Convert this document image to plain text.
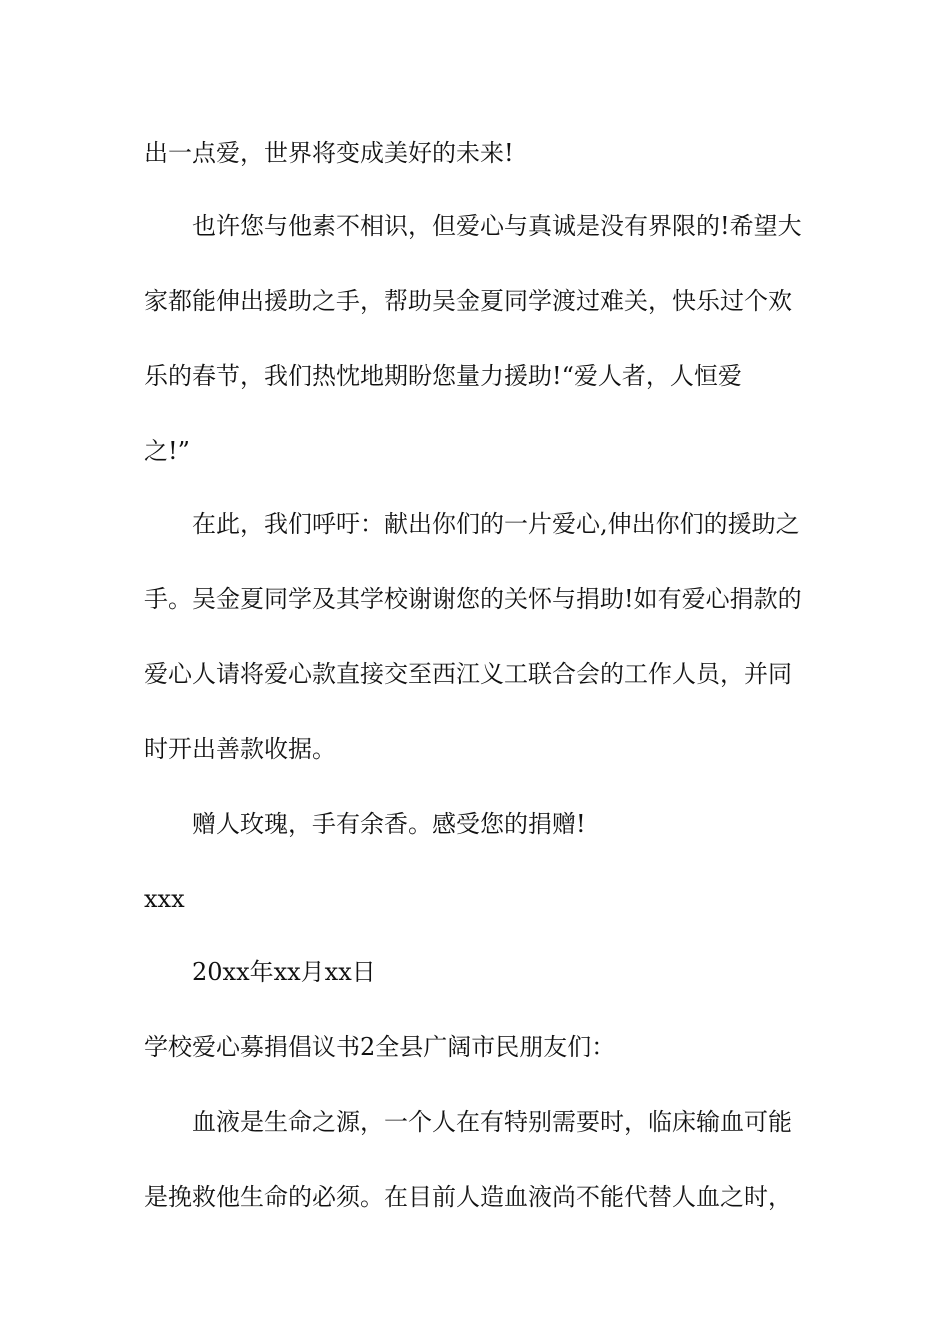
出一点爱，世界将变成美好的未来!
也许您与他素不相识，但爱心与真诚是没有界限的!希望大
家都能伸出援助之手，帮助吴金夏同学渡过难关，快乐过个欢
乐的春节，我们热忱地期盼您量力援助!“爱人者，人恒爱
之!”
在此，我们呼吁：献出你们的一片爱心,伸出你们的援助之
手。吴金夏同学及其学校谢谢您的关怀与捐助!如有爱心捐款的
爱心人请将爱心款直接交至西江义工联合会的工作人员，并同
时开出善款收据。
赠人玫瑰，手有余香。感受您的捐赠!
xxx
20xx年xx月xx日
学校爱心募捐倡议书2全县广阔市民朋友们：
血液是生命之源，一个人在有特别需要时，临床输血可能
是挽救他生命的必须。在目前人造血液尚不能代替人血之时，
